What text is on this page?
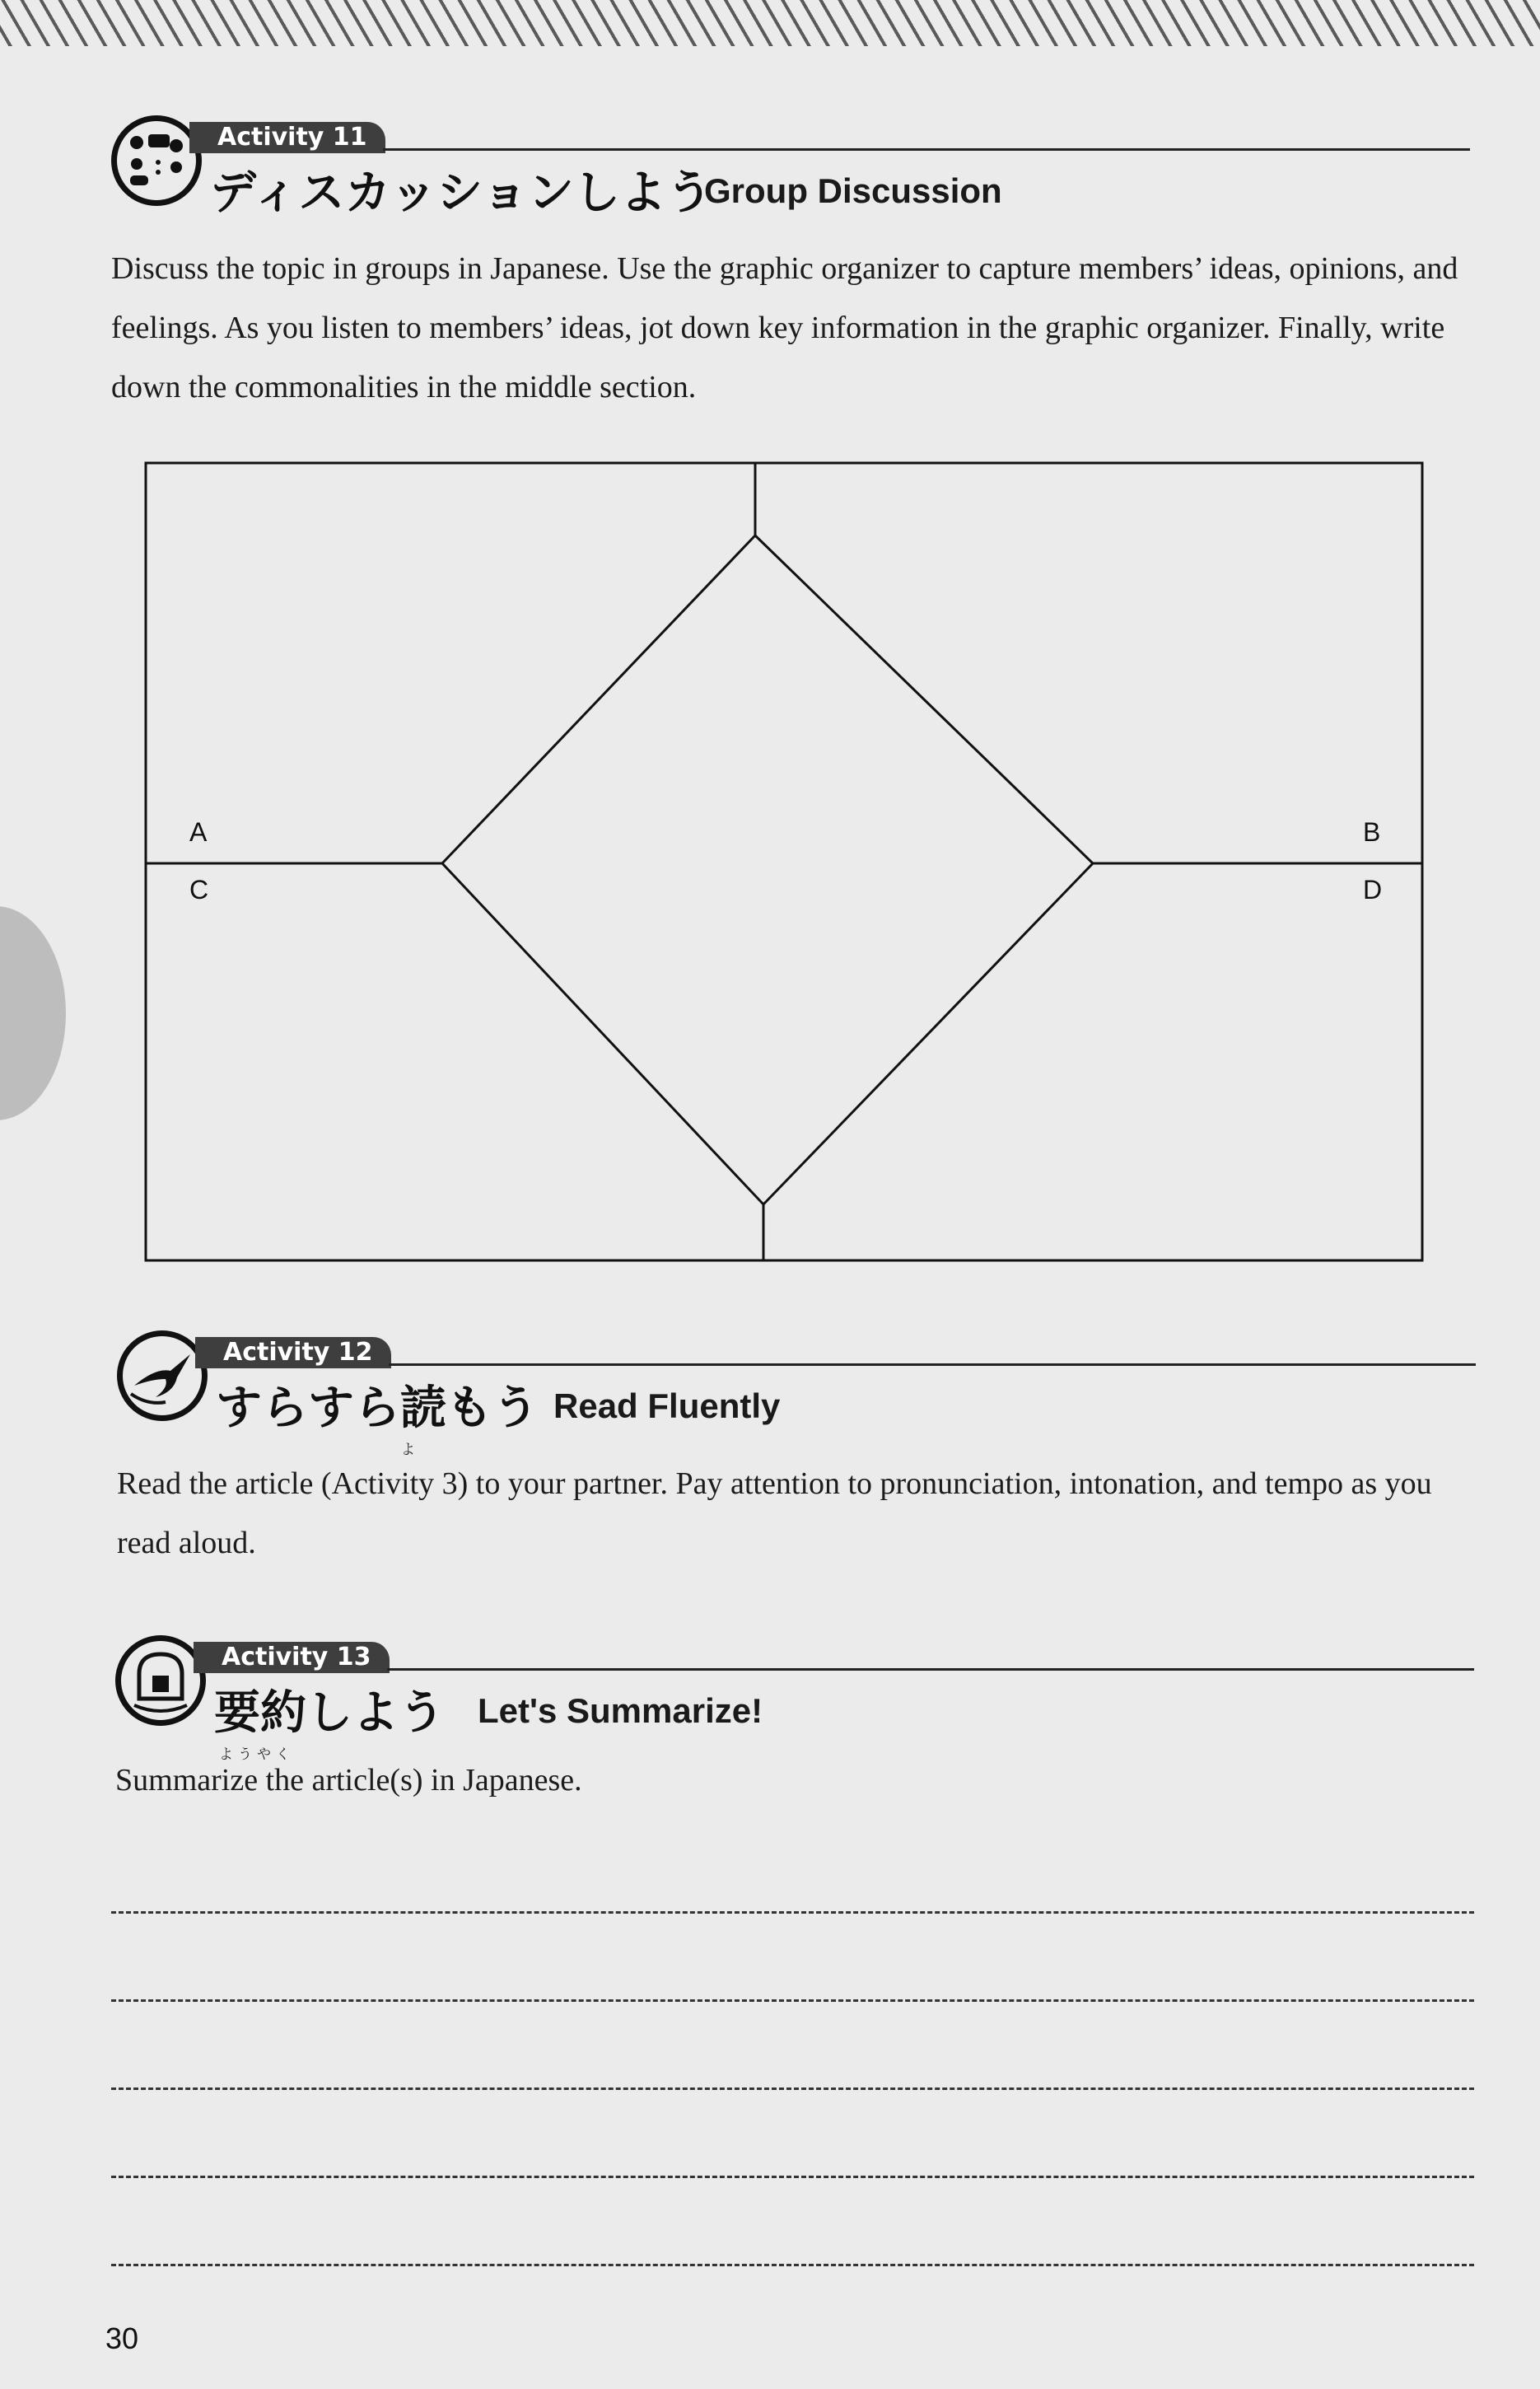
Activity 11
ディスカッションしよう
Group Discussion

Discuss the topic in groups in Japanese. Use the graphic organizer to capture members’ ideas, opinions, and feelings. As you listen to members’ ideas, jot down key information in the graphic organizer. Finally, write down the commonalities in the middle section.

A	B
C	D
Activity 12
すらすら読もう
よ
Read Fluently

Read the article (Activity 3) to your partner. Pay attention to pronunciation, intonation, and tempo as you read aloud.

Activity 13
要約しよう
ようやく
Let's Summarize!

Summarize the article(s) in Japanese.

30
